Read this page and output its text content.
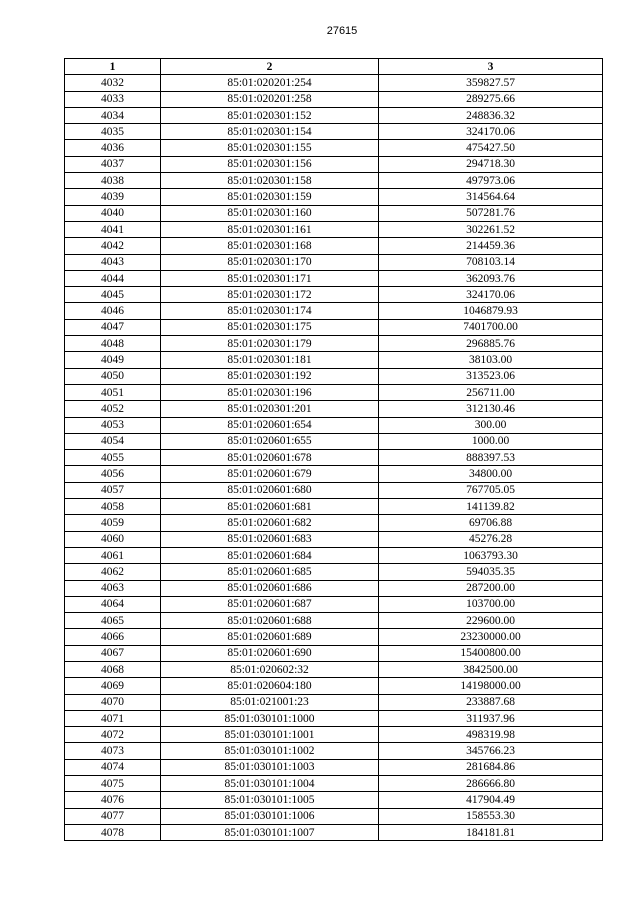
27615
1	2	3
4032	85:01:020201:254	359827.57
4033	85:01:020201:258	289275.66
4034	85:01:020301:152	248836.32
4035	85:01:020301:154	324170.06
4036	85:01:020301:155	475427.50
4037	85:01:020301:156	294718.30
4038	85:01:020301:158	497973.06
4039	85:01:020301:159	314564.64
4040	85:01:020301:160	507281.76
4041	85:01:020301:161	302261.52
4042	85:01:020301:168	214459.36
4043	85:01:020301:170	708103.14
4044	85:01:020301:171	362093.76
4045	85:01:020301:172	324170.06
4046	85:01:020301:174	1046879.93
4047	85:01:020301:175	7401700.00
4048	85:01:020301:179	296885.76
4049	85:01:020301:181	38103.00
4050	85:01:020301:192	313523.06
4051	85:01:020301:196	256711.00
4052	85:01:020301:201	312130.46
4053	85:01:020601:654	300.00
4054	85:01:020601:655	1000.00
4055	85:01:020601:678	888397.53
4056	85:01:020601:679	34800.00
4057	85:01:020601:680	767705.05
4058	85:01:020601:681	141139.82
4059	85:01:020601:682	69706.88
4060	85:01:020601:683	45276.28
4061	85:01:020601:684	1063793.30
4062	85:01:020601:685	594035.35
4063	85:01:020601:686	287200.00
4064	85:01:020601:687	103700.00
4065	85:01:020601:688	229600.00
4066	85:01:020601:689	23230000.00
4067	85:01:020601:690	15400800.00
4068	85:01:020602:32	3842500.00
4069	85:01:020604:180	14198000.00
4070	85:01:021001:23	233887.68
4071	85:01:030101:1000	311937.96
4072	85:01:030101:1001	498319.98
4073	85:01:030101:1002	345766.23
4074	85:01:030101:1003	281684.86
4075	85:01:030101:1004	286666.80
4076	85:01:030101:1005	417904.49
4077	85:01:030101:1006	158553.30
4078	85:01:030101:1007	184181.81
